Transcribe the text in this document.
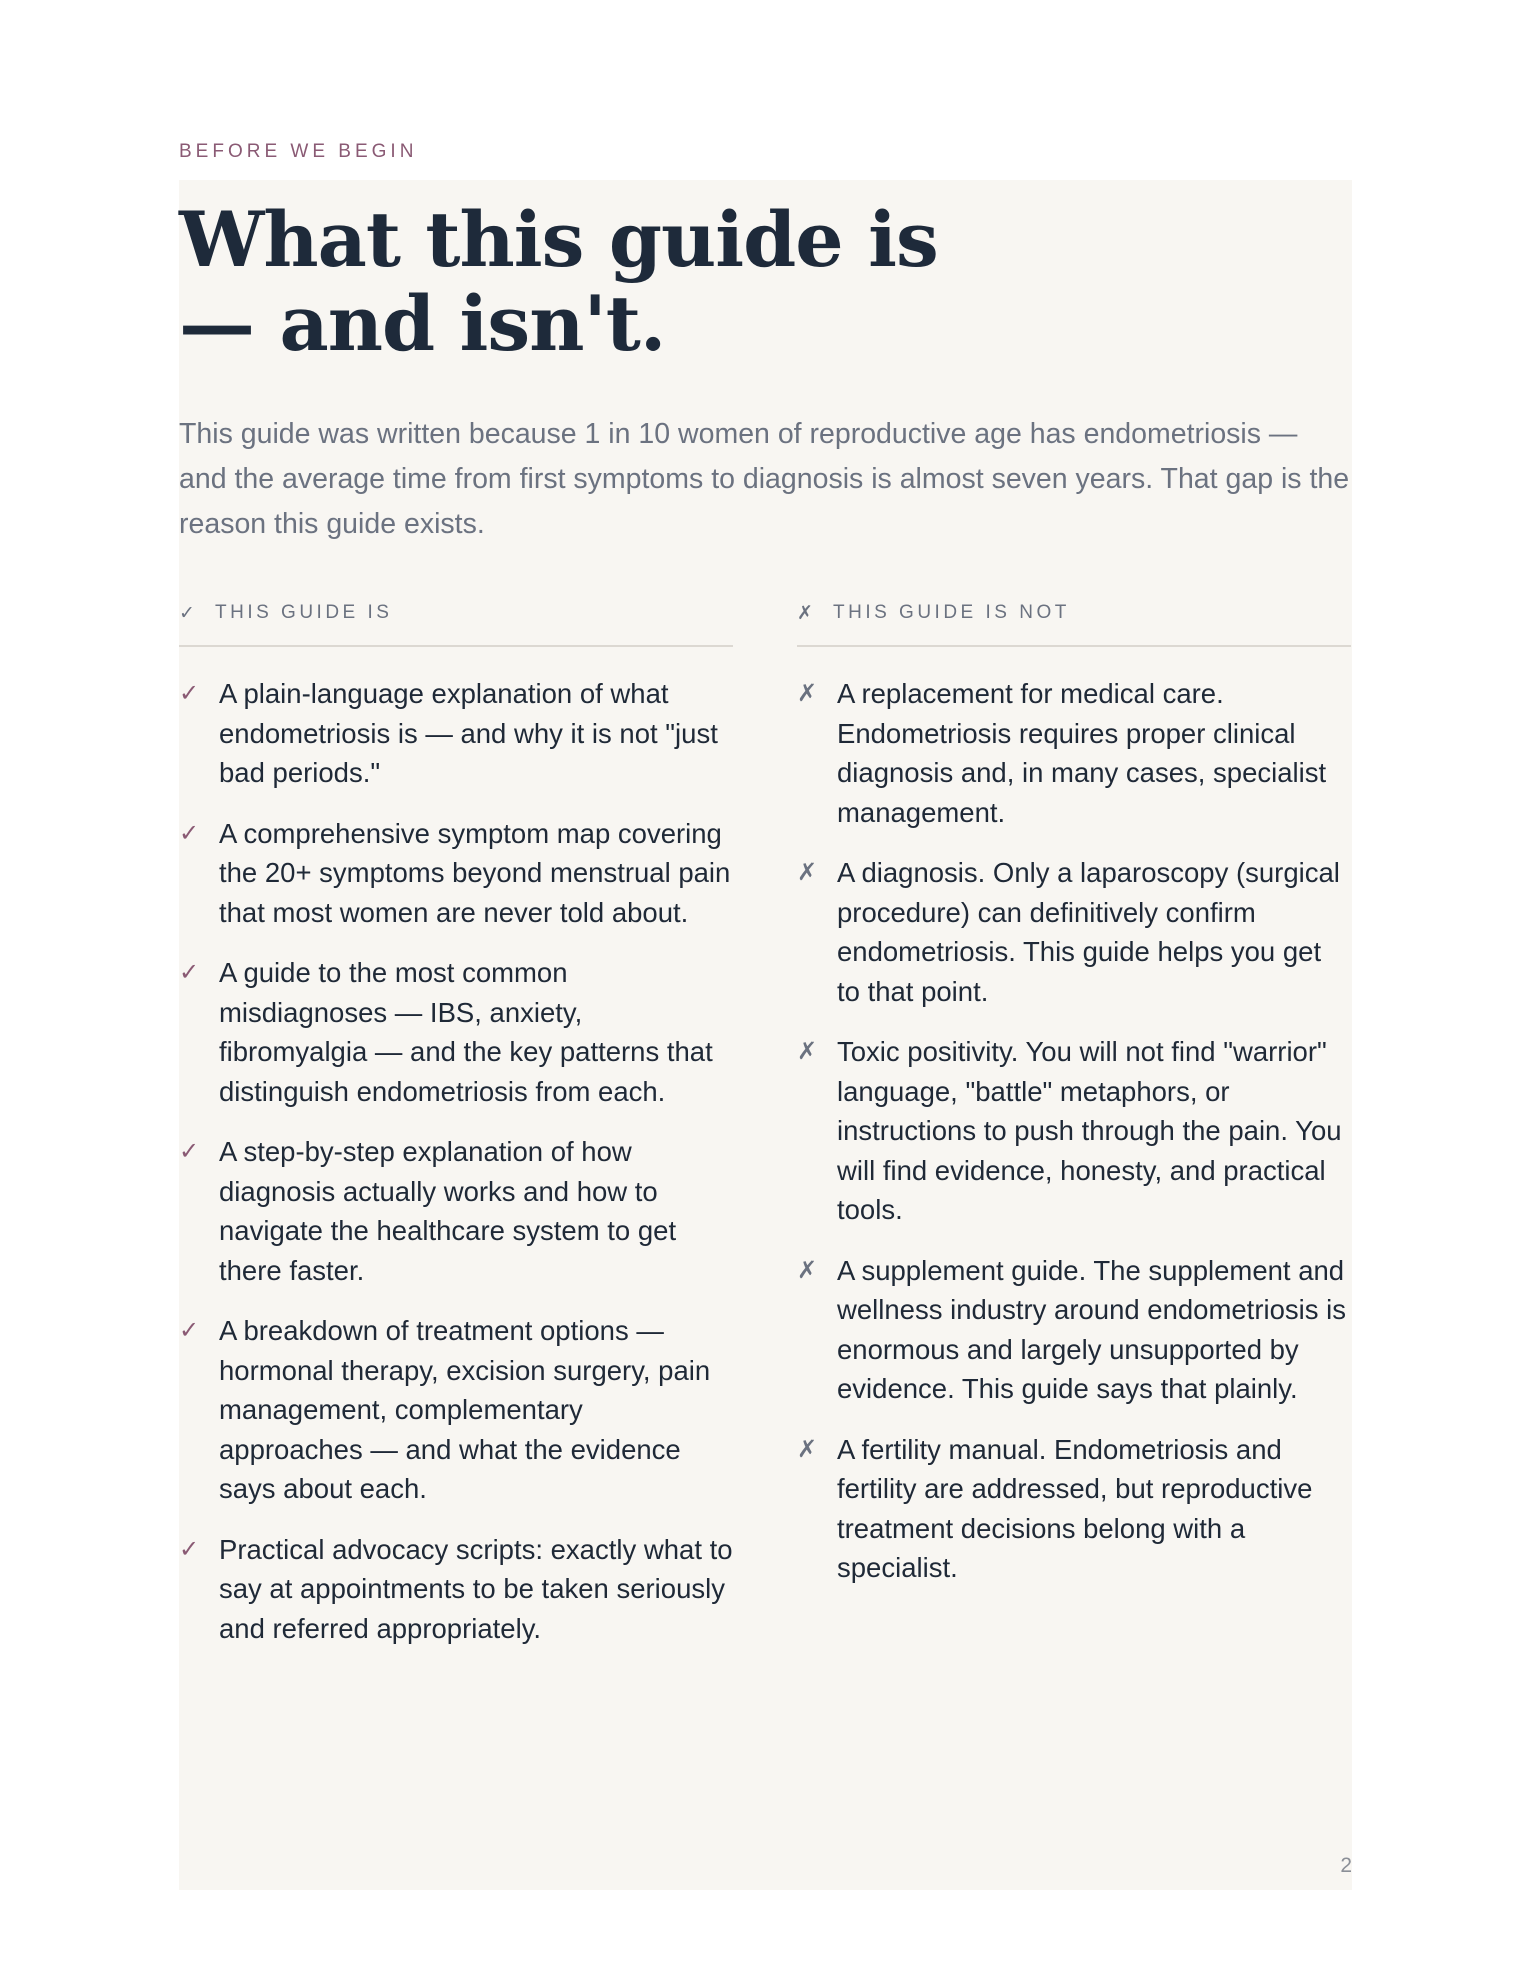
BEFORE WE BEGIN
What this guide is
— and isn't.

This guide was written because 1 in 10 women of reproductive age has endometriosis — and the average time from first symptoms to diagnosis is almost seven years. That gap is the reason this guide exists.

✓	THIS GUIDE IS
✓ A plain-language explanation of what endometriosis is — and why it is not "just bad periods."
✓ A comprehensive symptom map covering the 20+ symptoms beyond menstrual pain that most women are never told about.
✓ A guide to the most common misdiagnoses — IBS, anxiety, fibromyalgia — and the key patterns that distinguish endometriosis from each.
✓ A step-by-step explanation of how diagnosis actually works and how to navigate the healthcare system to get there faster.
✓ A breakdown of treatment options — hormonal therapy, excision surgery, pain management, complementary approaches — and what the evidence says about each.
✓ Practical advocacy scripts: exactly what to say at appointments to be taken seriously and referred appropriately.
✗	THIS GUIDE IS NOT
✗ A replacement for medical care. Endometriosis requires proper clinical diagnosis and, in many cases, specialist management.
✗ A diagnosis. Only a laparoscopy (surgical procedure) can definitively confirm endometriosis. This guide helps you get to that point.
✗ Toxic positivity. You will not find "warrior" language, "battle" metaphors, or instructions to push through the pain. You will find evidence, honesty, and practical tools.
✗ A supplement guide. The supplement and wellness industry around endometriosis is enormous and largely unsupported by evidence. This guide says that plainly.
✗ A fertility manual. Endometriosis and fertility are addressed, but reproductive treatment decisions belong with a specialist.
2
